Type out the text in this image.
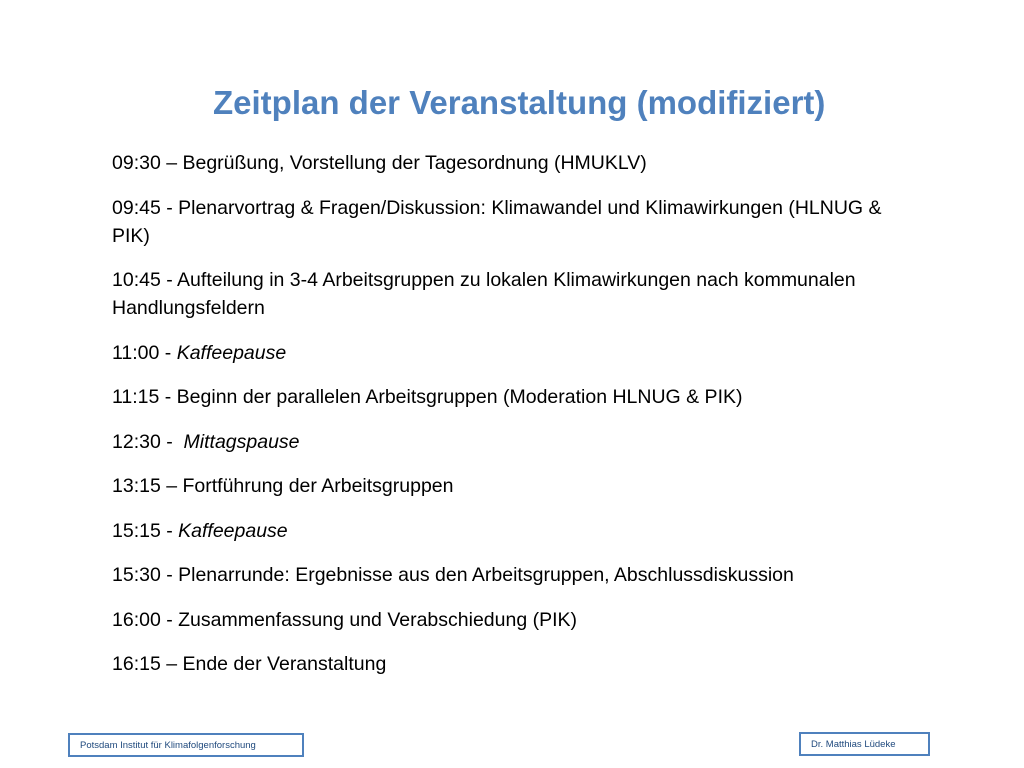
Zeitplan der Veranstaltung (modifiziert)
09:30 – Begrüßung, Vorstellung der Tagesordnung (HMUKLV)
09:45 - Plenarvortrag & Fragen/Diskussion: Klimawandel und Klimawirkungen (HLNUG & PIK)
10:45 - Aufteilung in 3-4 Arbeitsgruppen zu lokalen Klimawirkungen nach kommunalen Handlungsfeldern
11:00 - Kaffeepause
11:15 - Beginn der parallelen Arbeitsgruppen (Moderation HLNUG & PIK)
12:30 -  Mittagspause
13:15 – Fortführung der Arbeitsgruppen
15:15 - Kaffeepause
15:30 - Plenarrunde: Ergebnisse aus den Arbeitsgruppen, Abschlussdiskussion
16:00 - Zusammenfassung und Verabschiedung (PIK)
16:15 – Ende der Veranstaltung
Potsdam Institut für Klimafolgenforschung	Dr. Matthias Lüdeke
